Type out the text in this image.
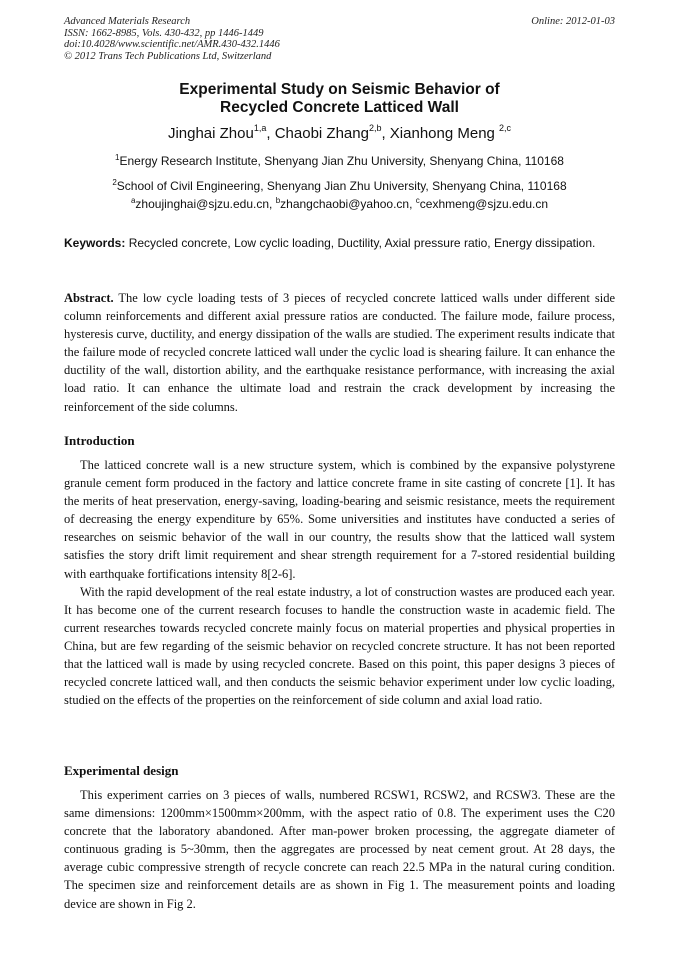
Advanced Materials Research
ISSN: 1662-8985, Vols. 430-432, pp 1446-1449
doi:10.4028/www.scientific.net/AMR.430-432.1446
© 2012 Trans Tech Publications Ltd, Switzerland
Online: 2012-01-03
Experimental Study on Seismic Behavior of
Recycled Concrete Latticed Wall
Jinghai Zhou$^{1,a}$, Chaobi Zhang$^{2,b}$, Xianhong Meng $^{2,c}$
$^1$Energy Research Institute, Shenyang Jian Zhu University, Shenyang China, 110168
$^2$School of Civil Engineering, Shenyang Jian Zhu University, Shenyang China, 110168
$^a$zhoujinghai@sjzu.edu.cn, $^b$zhangchaobi@yahoo.cn, $^c$cexhmeng@sjzu.edu.cn
Keywords: Recycled concrete, Low cyclic loading, Ductility, Axial pressure ratio, Energy dissipation.

Abstract. The low cycle loading tests of 3 pieces of recycled concrete latticed walls under different side column reinforcements and different axial pressure ratios are conducted. The failure mode, failure process, hysteresis curve, ductility, and energy dissipation of the walls are studied. The experiment results indicate that the failure mode of recycled concrete latticed wall under the cyclic load is shearing failure. It can enhance the ductility of the wall, distortion ability, and the earthquake resistance performance, with increasing the axial load ratio. It can enhance the ultimate load and restrain the crack development by increasing the reinforcement of the side columns.

Introduction

The latticed concrete wall is a new structure system, which is combined by the expansive polystyrene granule cement form produced in the factory and lattice concrete frame in site casting of concrete [1]. It has the merits of heat preservation, energy-saving, loading-bearing and seismic resistance, meets the requirement of decreasing the energy expenditure by 65%. Some universities and institutes have conducted a series of researches on seismic behavior of the wall in our country, the results show that the latticed wall system satisfies the story drift limit requirement and shear strength requirement for a 7-stored residential building with earthquake fortifications intensity 8[2-6].

With the rapid development of the real estate industry, a lot of construction wastes are produced each year. It has become one of the current research focuses to handle the construction waste in academic field. The current researches towards recycled concrete mainly focus on material properties and physical properties in China, but are few regarding of the seismic behavior on recycled concrete structure. It has not been reported that the latticed wall is made by using recycled concrete. Based on this point, this paper designs 3 pieces of recycled concrete latticed wall, and then conducts the seismic behavior experiment under low cyclic loading, studied on the effects of the properties on the reinforcement of side column and axial load ratio.

Experimental design

This experiment carries on 3 pieces of walls, numbered RCSW1, RCSW2, and RCSW3. These are the same dimensions: 1200mm×1500mm×200mm, with the aspect ratio of 0.8. The experiment uses the C20 concrete that the laboratory abandoned. After man-power broken processing, the aggregate diameter of continuous grading is 5~30mm, then the aggregates are processed by neat cement grout. At 28 days, the average cubic compressive strength of recycle concrete can reach 22.5 MPa in the natural curing condition. The specimen size and reinforcement details are as shown in Fig 1. The measurement points and loading device are shown in Fig 2.
